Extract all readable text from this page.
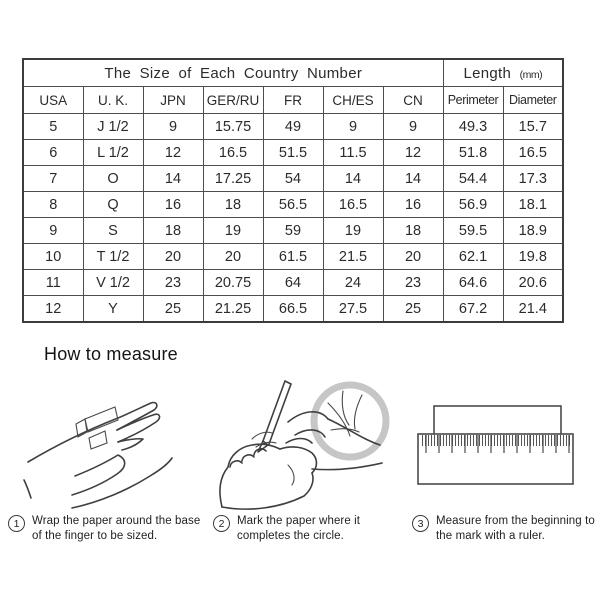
The Size of Each Country Number							Length (mm)	
USA	U. K.	JPN	GER/RU	FR	CH/ES	CN	Perimeter	Diameter
5	J 1/2	9	15.75	49	9	9	49.3	15.7
6	L 1/2	12	16.5	51.5	11.5	12	51.8	16.5
7	O	14	17.25	54	14	14	54.4	17.3
8	Q	16	18	56.5	16.5	16	56.9	18.1
9	S	18	19	59	19	18	59.5	18.9
10	T 1/2	20	20	61.5	21.5	20	62.1	19.8
11	V 1/2	23	20.75	64	24	23	64.6	20.6
12	Y	25	21.25	66.5	27.5	25	67.2	21.4
How to measure
1	Wrap the paper around the base of the finger to be sized.
2	Mark the paper where it completes the circle.
3	Measure from the beginning to the mark with a ruler.
